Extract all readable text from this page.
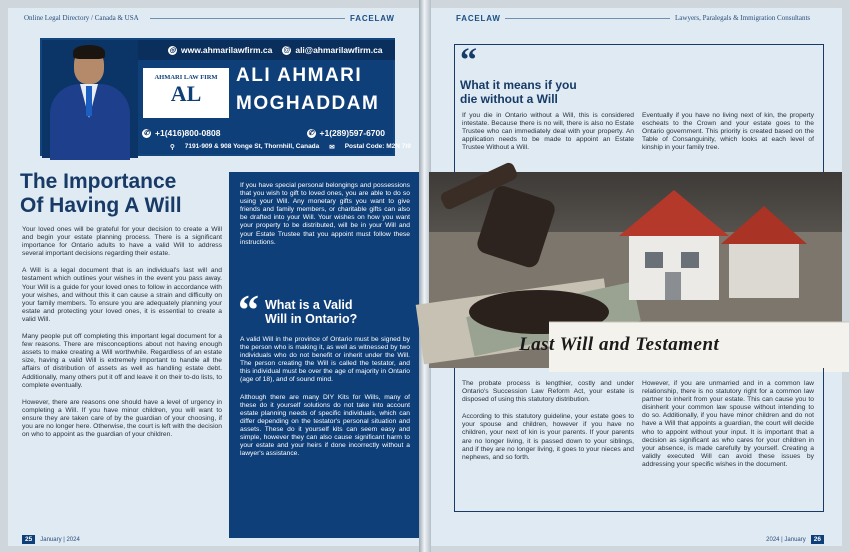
Online Legal Directory / Canada & USA	FACELAW	FACELAW	Lawyers, Paralegals & Immigration Consultants
◎ www.ahmarilawfirm.ca @ ali@ahmarilawfirm.ca
AHMARI LAW FIRM
AL
ALI AHMARI
MOGHADDAM
✆ +1(416)800-0808	✆ +1(289)597-6700
⚲ 7191-909 & 908 Yonge St, Thornhill, Canada ✉ Postal Code: M2N 7I9
The Importance
Of Having A Will

Your loved ones will be grateful for your decision to create a Will and begin your estate planning process. There is a significant importance for Ontario adults to have a valid Will to address several important decisions regarding their estate.

A Will is a legal document that is an individual's last will and testament which outlines your wishes in the event you pass away. Your Will is a guide for your loved ones to follow in accordance with your wishes, and without this it can cause a strain and difficulty on your family members. To ensure you are adequately planning your estate and protecting your loved ones, it is essential to create a valid Will.

Many people put off completing this important legal document for a few reasons. There are misconceptions about not having enough assets to make creating a Will worthwhile. Regardless of an estate size, having a valid Will is extremely important to handle all the affairs of distribution of assets as well as handling estate debt. Additionally, many others put it off and leave it on their to-do lists, to complete eventually.

However, there are reasons one should have a level of urgency in completing a Will. If you have minor children, you will want to ensure they are taken care of by the guardian of your choosing, if you are no longer here. Otherwise, the court is left with the decision on who to appoint as the guardian of your children.

If you have special personal belongings and possessions that you wish to gift to loved ones, you are able to do so using your Will. Any monetary gifts you want to give friends and family members, or charitable gifts can also be drafted into your Will. Your wishes on how you want your property to be distributed, will be in your Will and your Estate Trustee that you appoint must follow these instructions.
“ What is a Valid
Will in Ontario?

A valid Will in the province of Ontario must be signed by the person who is making it, as well as witnessed by two individuals who do not benefit or inherit under the Will. The person creating the Will is called the testator, and this individual must be over the age of majority in Ontario (age of 18), and of sound mind.

Although there are many DIY Kits for Wills, many of these do it yourself solutions do not take into account estate planning needs of specific individuals, which can differ depending on the testator's personal situation and assets. These do it yourself kits can seem easy and simple, however they can also cause significant harm to your estate and your heirs if done incorrectly without a lawyer's assistance.

“
What it means if you
die without a Will
If you die in Ontario without a Will, this is considered intestate. Because there is no will, there is also no Estate Trustee who can immediately deal with your property. An application needs to be made to appoint an Estate Trustee Without a Will.
Eventually if you have no living next of kin, the property escheats to the Crown and your estate goes to the Ontario government. This priority is created based on the Table of Consanguinity, which looks at each level of kinship in your family tree.
Last Will and Testament

The probate process is lengthier, costly and under Ontario's Succession Law Reform Act, your estate is disposed of using this statutory distribution.

According to this statutory guideline, your estate goes to your spouse and children, however if you have no children, your next of kin is your parents. If your parents are no longer living, it is passed down to your siblings, and if they are no longer living, it goes to your nieces and nephews, and so forth.

However, if you are unmarried and in a common law relationship, there is no statutory right for a common law partner to inherit from your estate. This can cause you to disinherit your common law spouse without intending to do so. Additionally, if you have minor children and do not have a Will that appoints a guardian, the court will decide who to appoint without your input. It is important that a decision as significant as who cares for your children in your absence, is made carefully by yourself. Creating a validly executed Will can avoid these issues by addressing your specific wishes in the document.
25	January | 2024	2024 | January	26
